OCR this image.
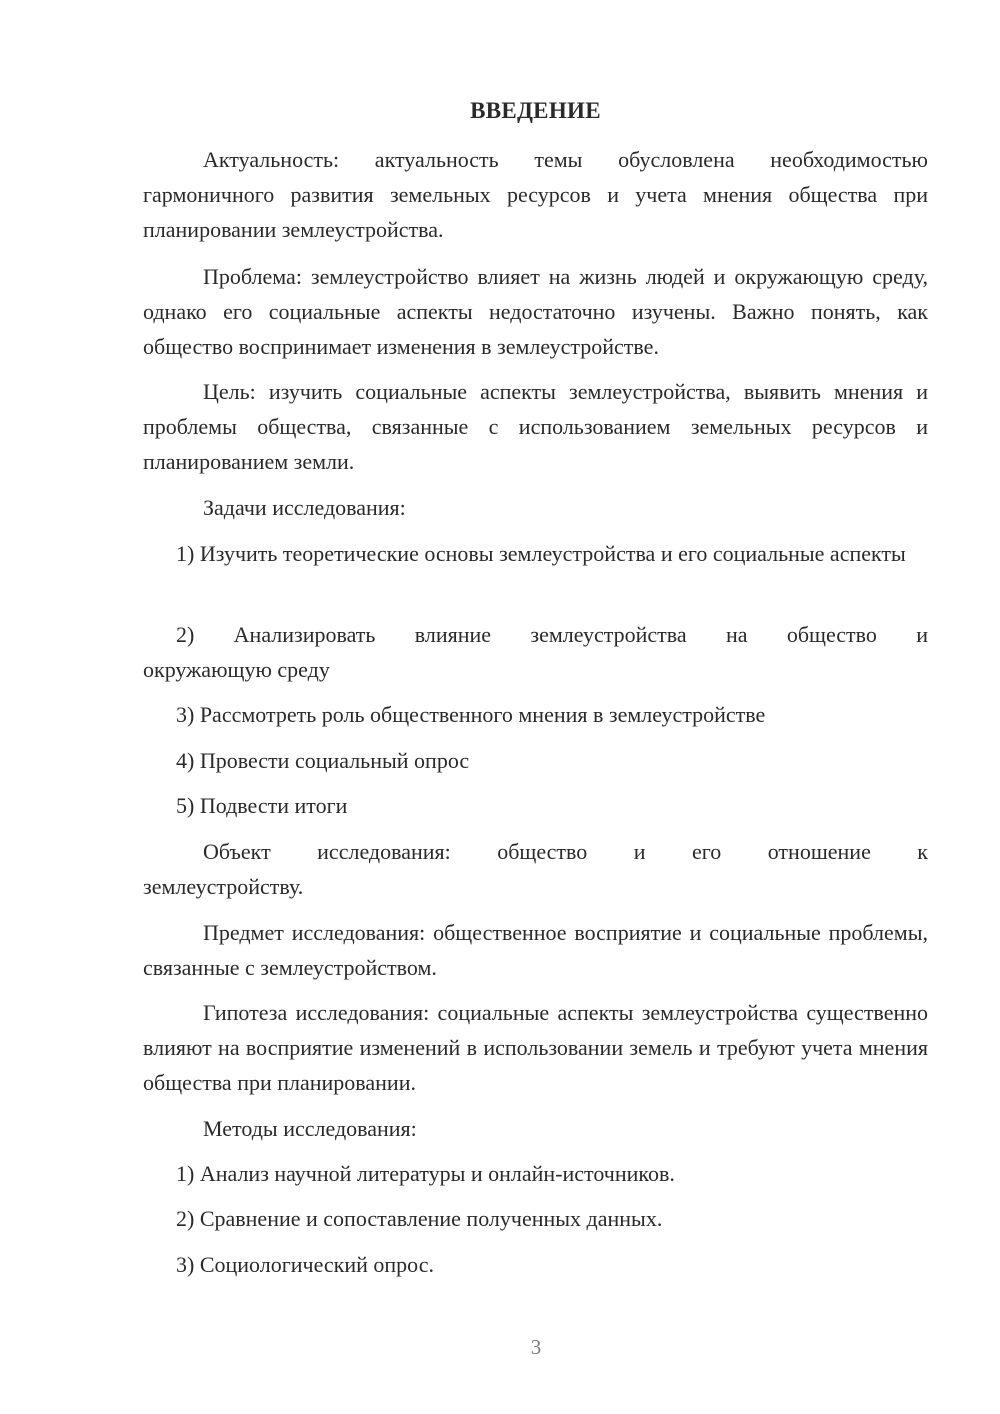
ВВЕДЕНИЕ

Актуальность: актуальность темы обусловлена необходимостью гармоничного развития земельных ресурсов и учета мнения общества при планировании землеустройства.

Проблема: землеустройство влияет на жизнь людей и окружающую среду, однако его социальные аспекты недостаточно изучены. Важно понять, как общество воспринимает изменения в землеустройстве.

Цель: изучить социальные аспекты землеустройства, выявить мнения и проблемы общества, связанные с использованием земельных ресурсов и планированием земли.

Задачи исследования:

1) Изучить теоретические основы землеустройства и его социальные аспекты

2) Анализировать влияние землеустройства на общество и
окружающую среду

3) Рассмотреть роль общественного мнения в землеустройстве

4) Провести социальный опрос

5) Подвести итоги

Объект исследования: общество и его отношение к
землеустройству.

Предмет исследования: общественное восприятие и социальные проблемы, связанные с землеустройством.

Гипотеза исследования: социальные аспекты землеустройства существенно влияют на восприятие изменений в использовании земель и требуют учета мнения общества при планировании.

Методы исследования:

1) Анализ научной литературы и онлайн-источников.

2) Сравнение и сопоставление полученных данных.

3) Социологический опрос.

3
